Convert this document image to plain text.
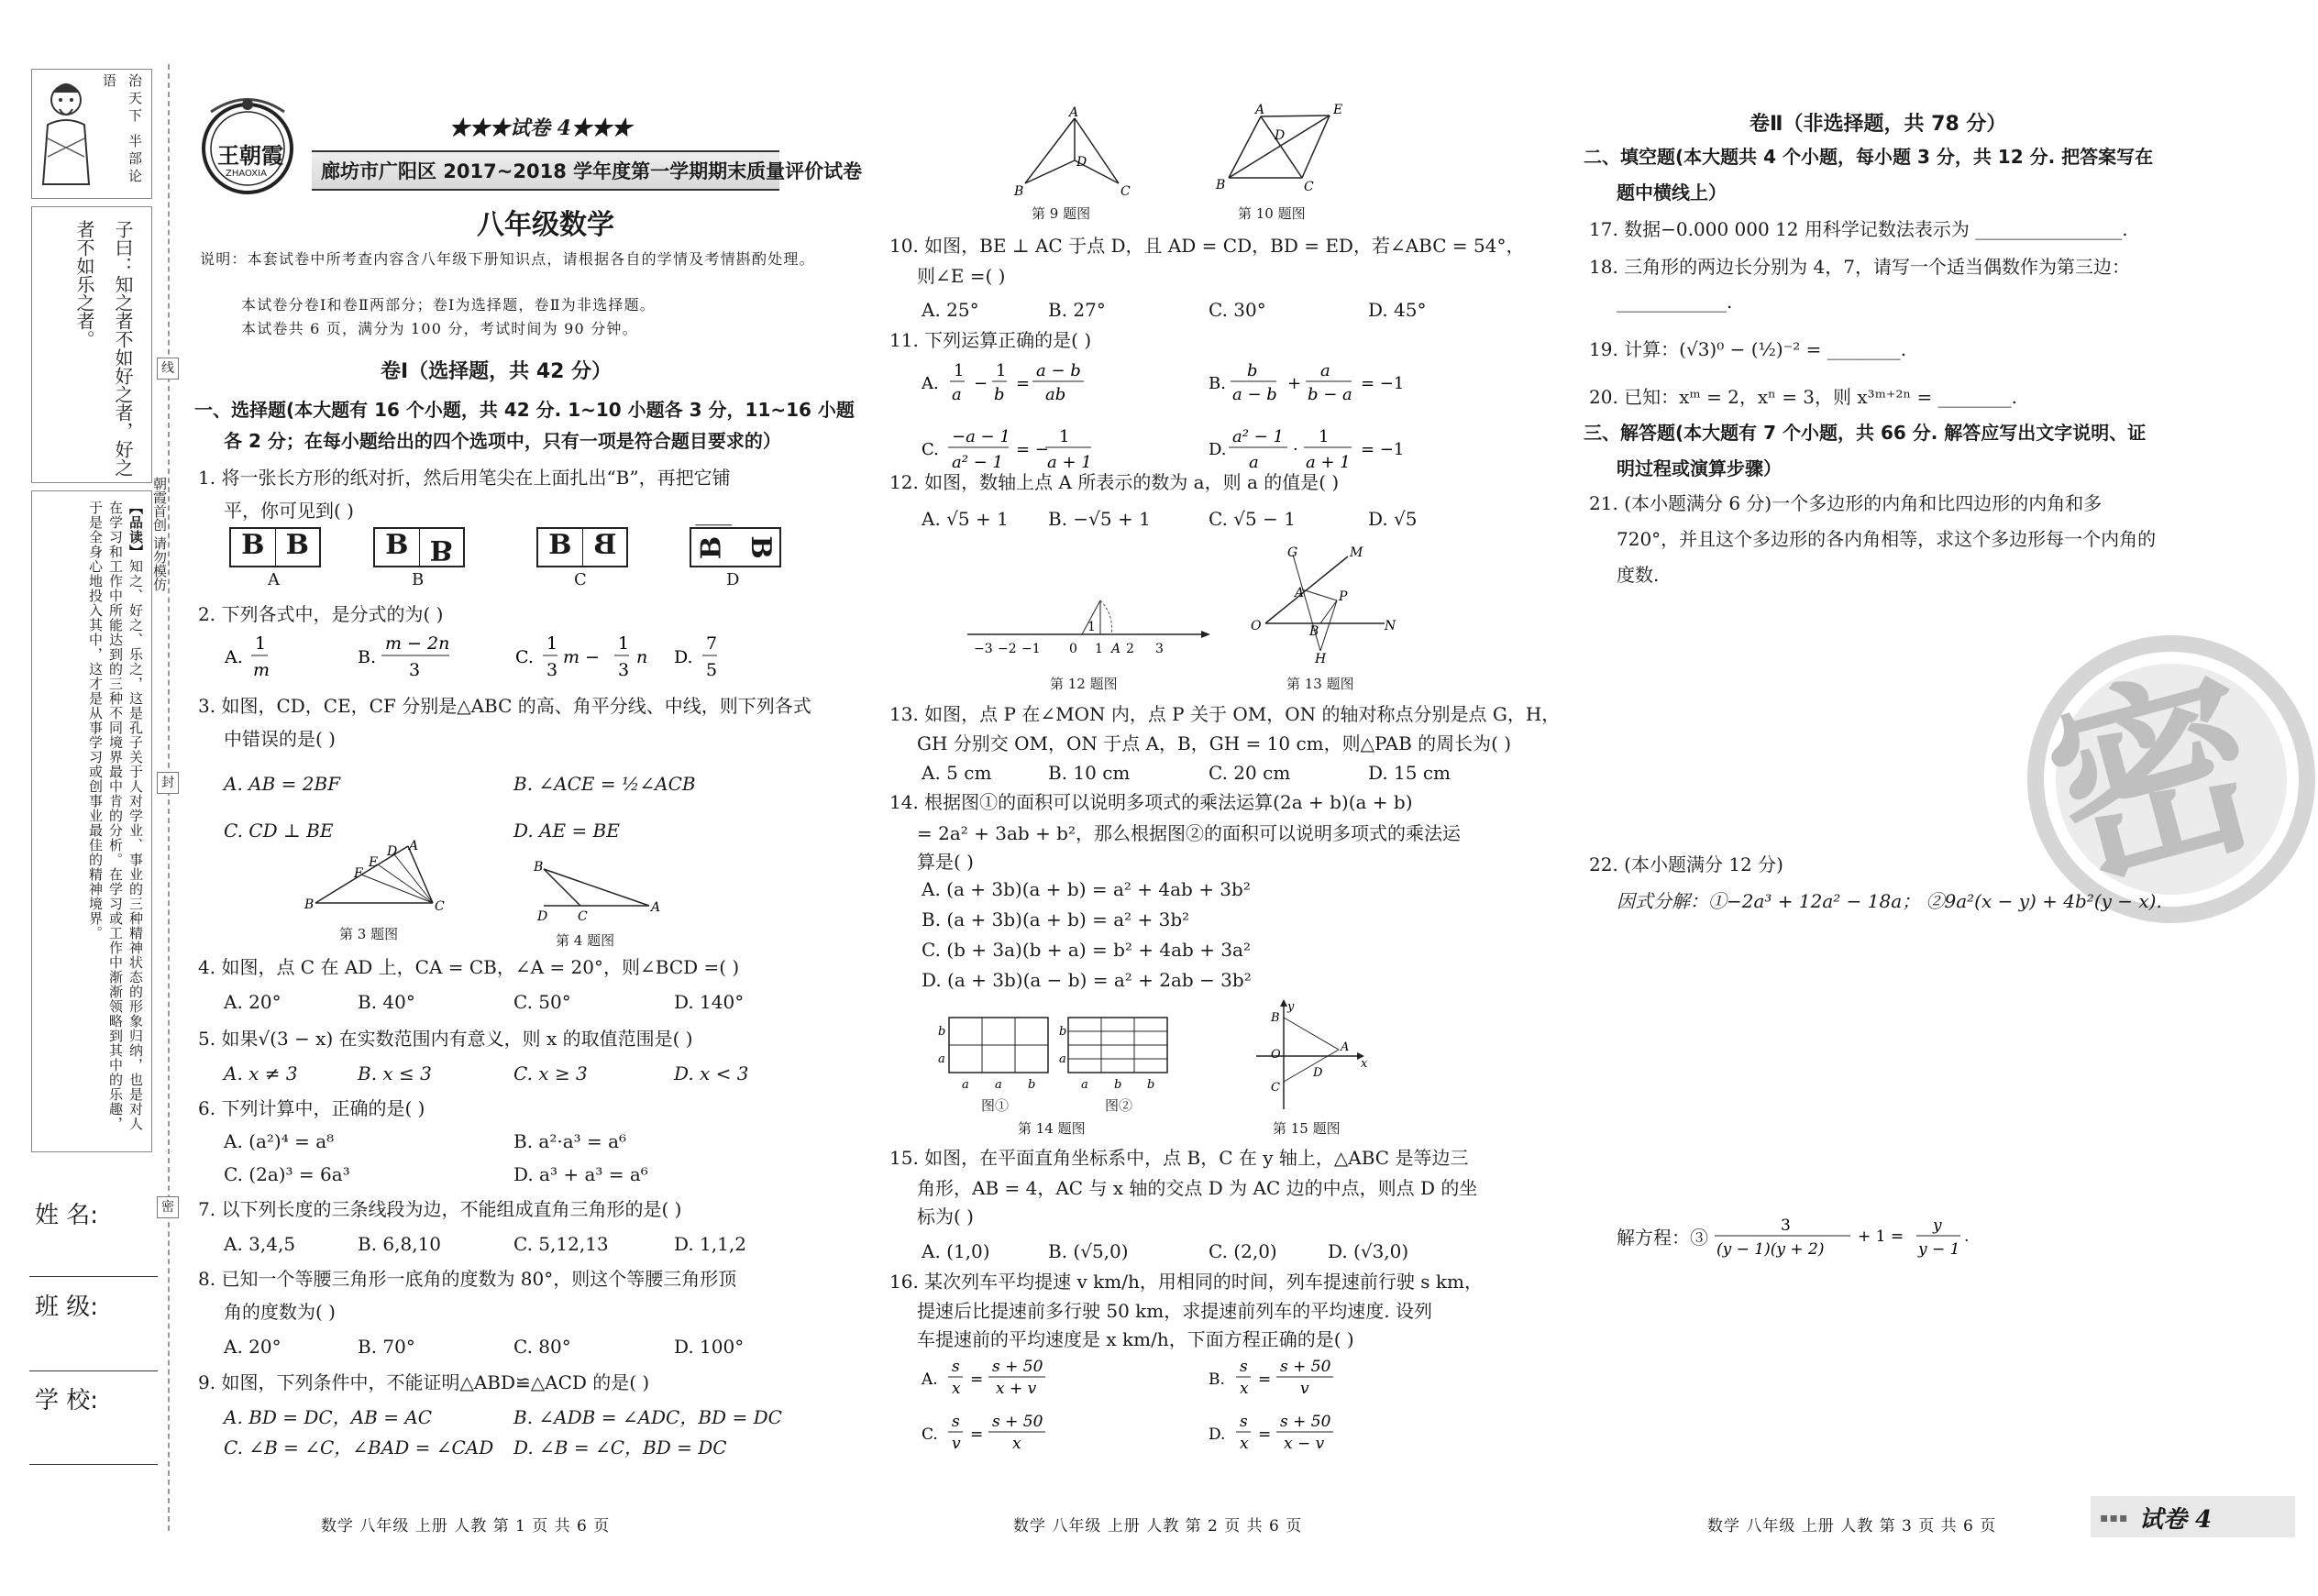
治天下 半部论语
子曰：知之者不如好之者，好之者不如乐之者。
【品读】知之、好之、乐之，这是孔子关于人对学业、事业的三种精神状态的形象归纳，也是对人在学习和工作中所能达到的三种不同境界最中肯的分析。在学习或工作中渐渐领略到其中的乐趣，于是全身心地投入其中，这才是从事学习或创事业最佳的精神境界。
姓 名:
班 级:
学 校:
线
封
密
朝霞首创 请勿模仿
王朝霞
ZHAOXIA
★★★试卷 4★★★
廊坊市广阳区 2017~2018 学年度第一学期期末质量评价试卷
八年级数学
说明：本套试卷中所考查内容含八年级下册知识点，请根据各自的学情及考情斟酌处理。
本试卷分卷Ⅰ和卷Ⅱ两部分；卷Ⅰ为选择题，卷Ⅱ为非选择题。
本试卷共 6 页，满分为 100 分，考试时间为 90 分钟。
卷Ⅰ（选择题，共 42 分）
一、选择题(本大题有 16 个小题，共 42 分. 1~10 小题各 3 分，11~16 小题
各 2 分；在每小题给出的四个选项中，只有一项是符合题目要求的）
1. 将一张长方形的纸对折，然后用笔尖在上面扎出“B”，再把它铺
平，你可见到( )
B B	B B	B B	B B
A	B	C	D
2. 下列各式中，是分式的为( )
A.
1
m
B.
m − 2n
3
C.
1
3
m −
1
3
n D.
7
5
3. 如图，CD，CE，CF 分别是△ABC 的高、角平分线、中线，则下列各式
中错误的是( )
A. AB = 2BF	B. ∠ACE = ½∠ACB
C. CD ⊥ BE	D. AE = BE
B	C
A
D
E
F
第 3 题图
B
D C
A
第 4 题图
4. 如图，点 C 在 AD 上，CA = CB，∠A = 20°，则∠BCD =( )
A. 20°	B. 40°	C. 50°	D. 140°
5. 如果√(3 − x) 在实数范围内有意义，则 x 的取值范围是( )
A. x ≠ 3	B. x ≤ 3	C. x ≥ 3	D. x < 3
6. 下列计算中，正确的是( )
A. (a²)⁴ = a⁸	B. a²·a³ = a⁶
C. (2a)³ = 6a³	D. a³ + a³ = a⁶
7. 以下列长度的三条线段为边，不能组成直角三角形的是( )
A. 3,4,5	B. 6,8,10	C. 5,12,13	D. 1,1,2
8. 已知一个等腰三角形一底角的度数为 80°，则这个等腰三角形顶
角的度数为( )
A. 20°	B. 70°	C. 80°	D. 100°
9. 如图，下列条件中，不能证明△ABD≌△ACD 的是( )
A. BD = DC，AB = AC	B. ∠ADB = ∠ADC，BD = DC
C. ∠B = ∠C，∠BAD = ∠CAD D. ∠B = ∠C，BD = DC
数学 八年级 上册 人教 第 1 页 共 6 页
A
B	C
D
第 9 题图
A	E
D
B	C
第 10 题图
10. 如图，BE ⊥ AC 于点 D，且 AD = CD，BD = ED，若∠ABC = 54°，
则∠E =( )
A. 25°	B. 27°	C. 30°	D. 45°
11. 下列运算正确的是( )
A.
1
a
−
1
b
=
a − b
ab
B.
b
a − b
+
a
b − a
= −1
C.
−a − 1
a² − 1
= −
1
a + 1
D.
a² − 1
a
·
1
a + 1
= −1
12. 如图，数轴上点 A 所表示的数为 a，则 a 的值是( )
A. √5 + 1 B. −√5 + 1	C. √5 − 1	D. √5
−3 −2 −1 0 1 A 2 3
1
第 12 题图
G	M
A	P
O	N
B
H
第 13 题图
13. 如图，点 P 在∠MON 内，点 P 关于 OM，ON 的轴对称点分别是点 G，H，
GH 分别交 OM，ON 于点 A，B，GH = 10 cm，则△PAB 的周长为( )
A. 5 cm	B. 10 cm	C. 20 cm	D. 15 cm
14. 根据图①的面积可以说明多项式的乘法运算(2a + b)(a + b)
= 2a² + 3ab + b²，那么根据图②的面积可以说明多项式的乘法运
算是( )
A. (a + 3b)(a + b) = a² + 4ab + 3b²
B. (a + 3b)(a + b) = a² + 3b²
C. (b + 3a)(b + a) = b² + 4ab + 3a²
D. (a + 3b)(a − b) = a² + 2ab − 3b²
b
a
a a b
b
a
a b b
图①	图②
第 14 题图
B
y
A
x
O
C
D
第 15 题图
15. 如图，在平面直角坐标系中，点 B，C 在 y 轴上，△ABC 是等边三
角形，AB = 4，AC 与 x 轴的交点 D 为 AC 边的中点，则点 D 的坐
标为( )
A. (1,0)	B. (√5,0)	C. (2,0)	D. (√3,0)
16. 某次列车平均提速 v km/h，用相同的时间，列车提速前行驶 s km，
提速后比提速前多行驶 50 km，求提速前列车的平均速度. 设列
车提速前的平均速度是 x km/h，下面方程正确的是( )
A.
s
x =
s + 50
x + v	B.
s
x =
s + 50
v
C.
s
v =
s + 50
x	D.
s
x =
s + 50
x − v
数学 八年级 上册 人教 第 2 页 共 6 页
密
卷Ⅱ（非选择题，共 78 分）
二、填空题(本大题共 4 个小题，每小题 3 分，共 12 分. 把答案写在
题中横线上）
17. 数据−0.000 000 12 用科学记数法表示为 ________________.
18. 三角形的两边长分别为 4，7，请写一个适当偶数作为第三边：
____________.
19. 计算：(√3)⁰ − (½)⁻² = ________.
20. 已知：xᵐ = 2，xⁿ = 3，则 x³ᵐ⁺²ⁿ = ________.
三、解答题(本大题有 7 个小题，共 66 分. 解答应写出文字说明、证
明过程或演算步骤）
21. (本小题满分 6 分)一个多边形的内角和比四边形的内角和多
720°，并且这个多边形的各内角相等，求这个多边形每一个内角的
度数.
22. (本小题满分 12 分)
因式分解：①−2a³ + 12a² − 18a； ②9a²(x − y) + 4b²(y − x).
解方程：③
3
(y − 1)(y + 2)
+ 1 =
y
y − 1
.
数学 八年级 上册 人教 第 3 页 共 6 页	▪▪▪ 试卷 4
